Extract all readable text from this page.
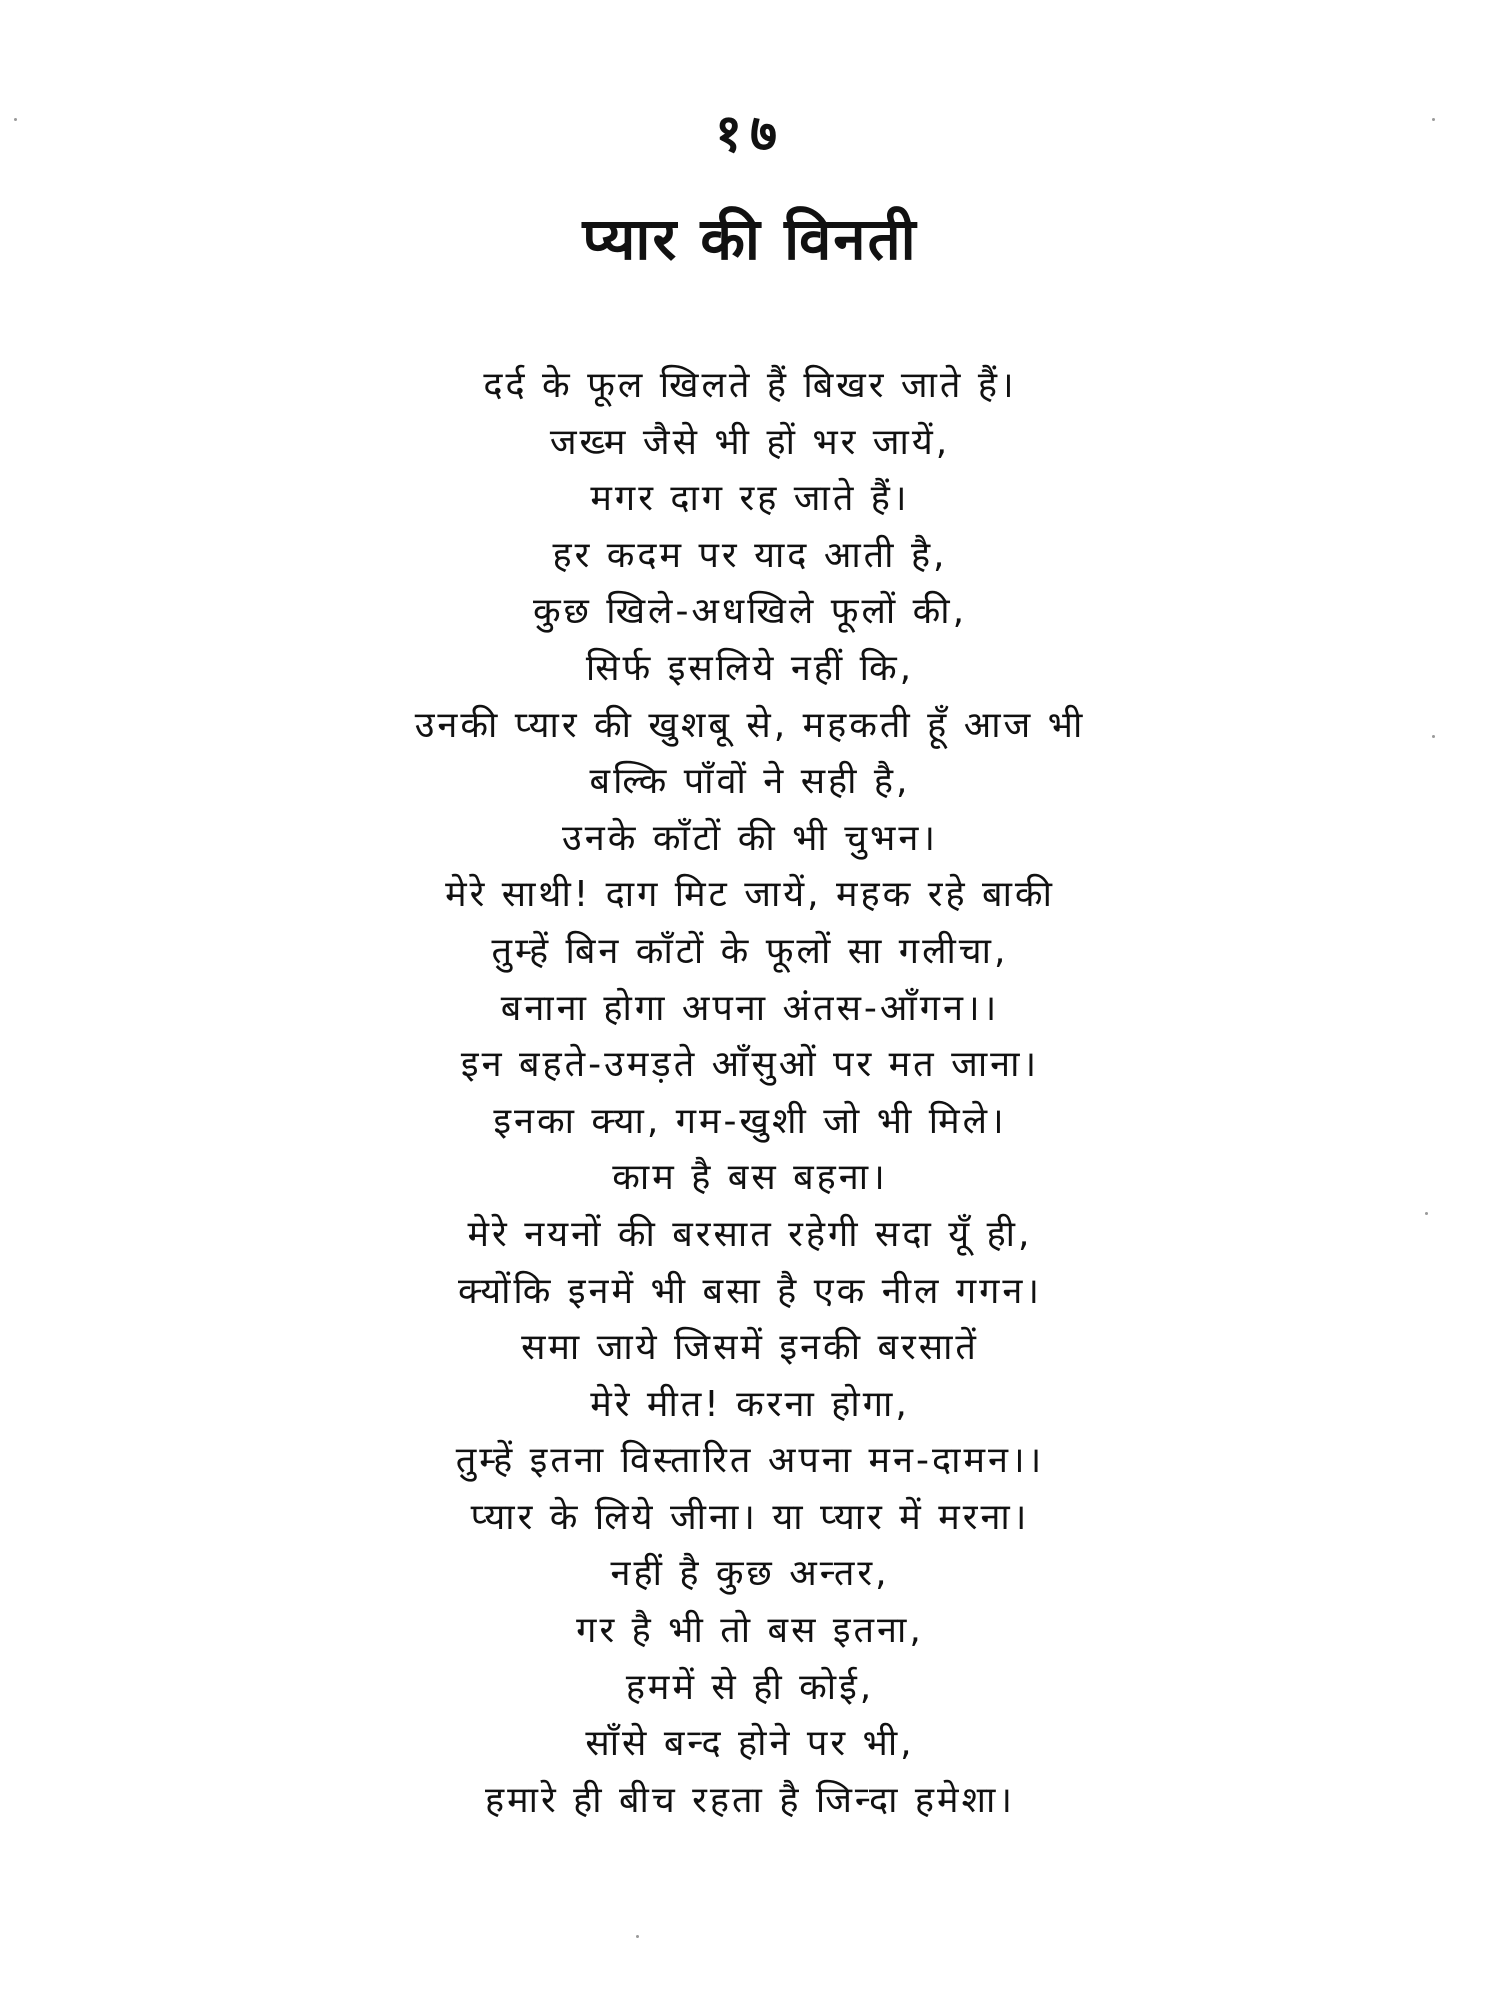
१७
प्यार की विनती
दर्द के फूल खिलते हैं बिखर जाते हैं।
जख्म जैसे भी हों भर जायें,
मगर दाग रह जाते हैं।
हर कदम पर याद आती है,
कुछ खिले-अधखिले फूलों की,
सिर्फ इसलिये नहीं कि,
उनकी प्यार की खुशबू से, महकती हूँ आज भी
बल्कि पाँवों ने सही है,
उनके काँटों की भी चुभन।
मेरे साथी! दाग मिट जायें, महक रहे बाकी
तुम्हें बिन काँटों के फूलों सा गलीचा,
बनाना होगा अपना अंतस-आँगन।।
इन बहते-उमड़ते आँसुओं पर मत जाना।
इनका क्या, गम-खुशी जो भी मिले।
काम है बस बहना।
मेरे नयनों की बरसात रहेगी सदा यूँ ही,
क्योंकि इनमें भी बसा है एक नील गगन।
समा जाये जिसमें इनकी बरसातें
मेरे मीत! करना होगा,
तुम्हें इतना विस्तारित अपना मन-दामन।।
प्यार के लिये जीना। या प्यार में मरना।
नहीं है कुछ अन्तर,
गर है भी तो बस इतना,
हममें से ही कोई,
साँसे बन्द होने पर भी,
हमारे ही बीच रहता है जिन्दा हमेशा।
